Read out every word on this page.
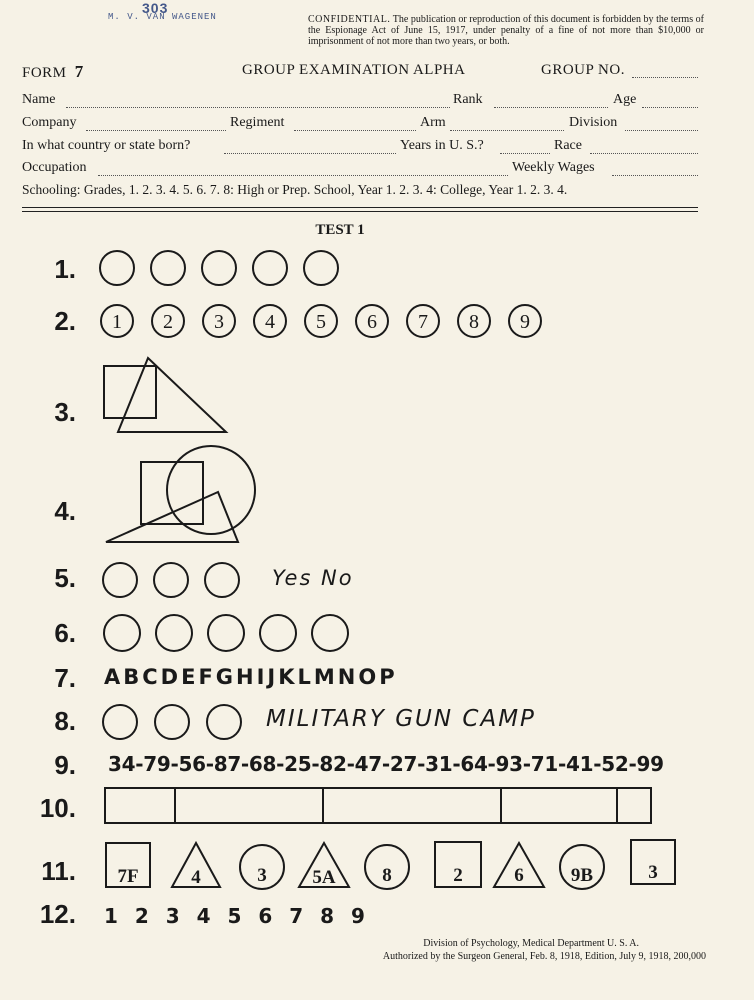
303
M. V. VAN WAGENEN	CONFIDENTIAL. The publication or reproduction of this document is forbidden by the terms of the Espionage Act of June 15, 1917, under penalty of a fine of not more than $10,000 or imprisonment of not more than two years, or both.
FORM 7	GROUP EXAMINATION ALPHA	GROUP NO.
Name	Rank	Age
Company	Regiment	Arm	Division
In what country or state born?	Years in U. S.?	Race
Occupation	Weekly Wages
Schooling: Grades, 1. 2. 3. 4. 5. 6. 7. 8: High or Prep. School, Year 1. 2. 3. 4: College, Year 1. 2. 3. 4.
TEST 1
1.
2.
3.
4.
5.
6.
7.
8.
9.
10.
11.
12.
1 2 3 4 5 6 7 8 9
Yes No
ABCDEFGHIJKLMNOP
MILITARY GUN CAMP
34-79-56-87-68-25-82-47-27-31-64-93-71-41-52-99
7F	4	3 5A 8	2	6 9B	3
1 2 3 4 5 6 7 8 9
Division of Psychology, Medical Department U. S. A.
Authorized by the Surgeon General, Feb. 8, 1918, Edition, July 9, 1918, 200,000
